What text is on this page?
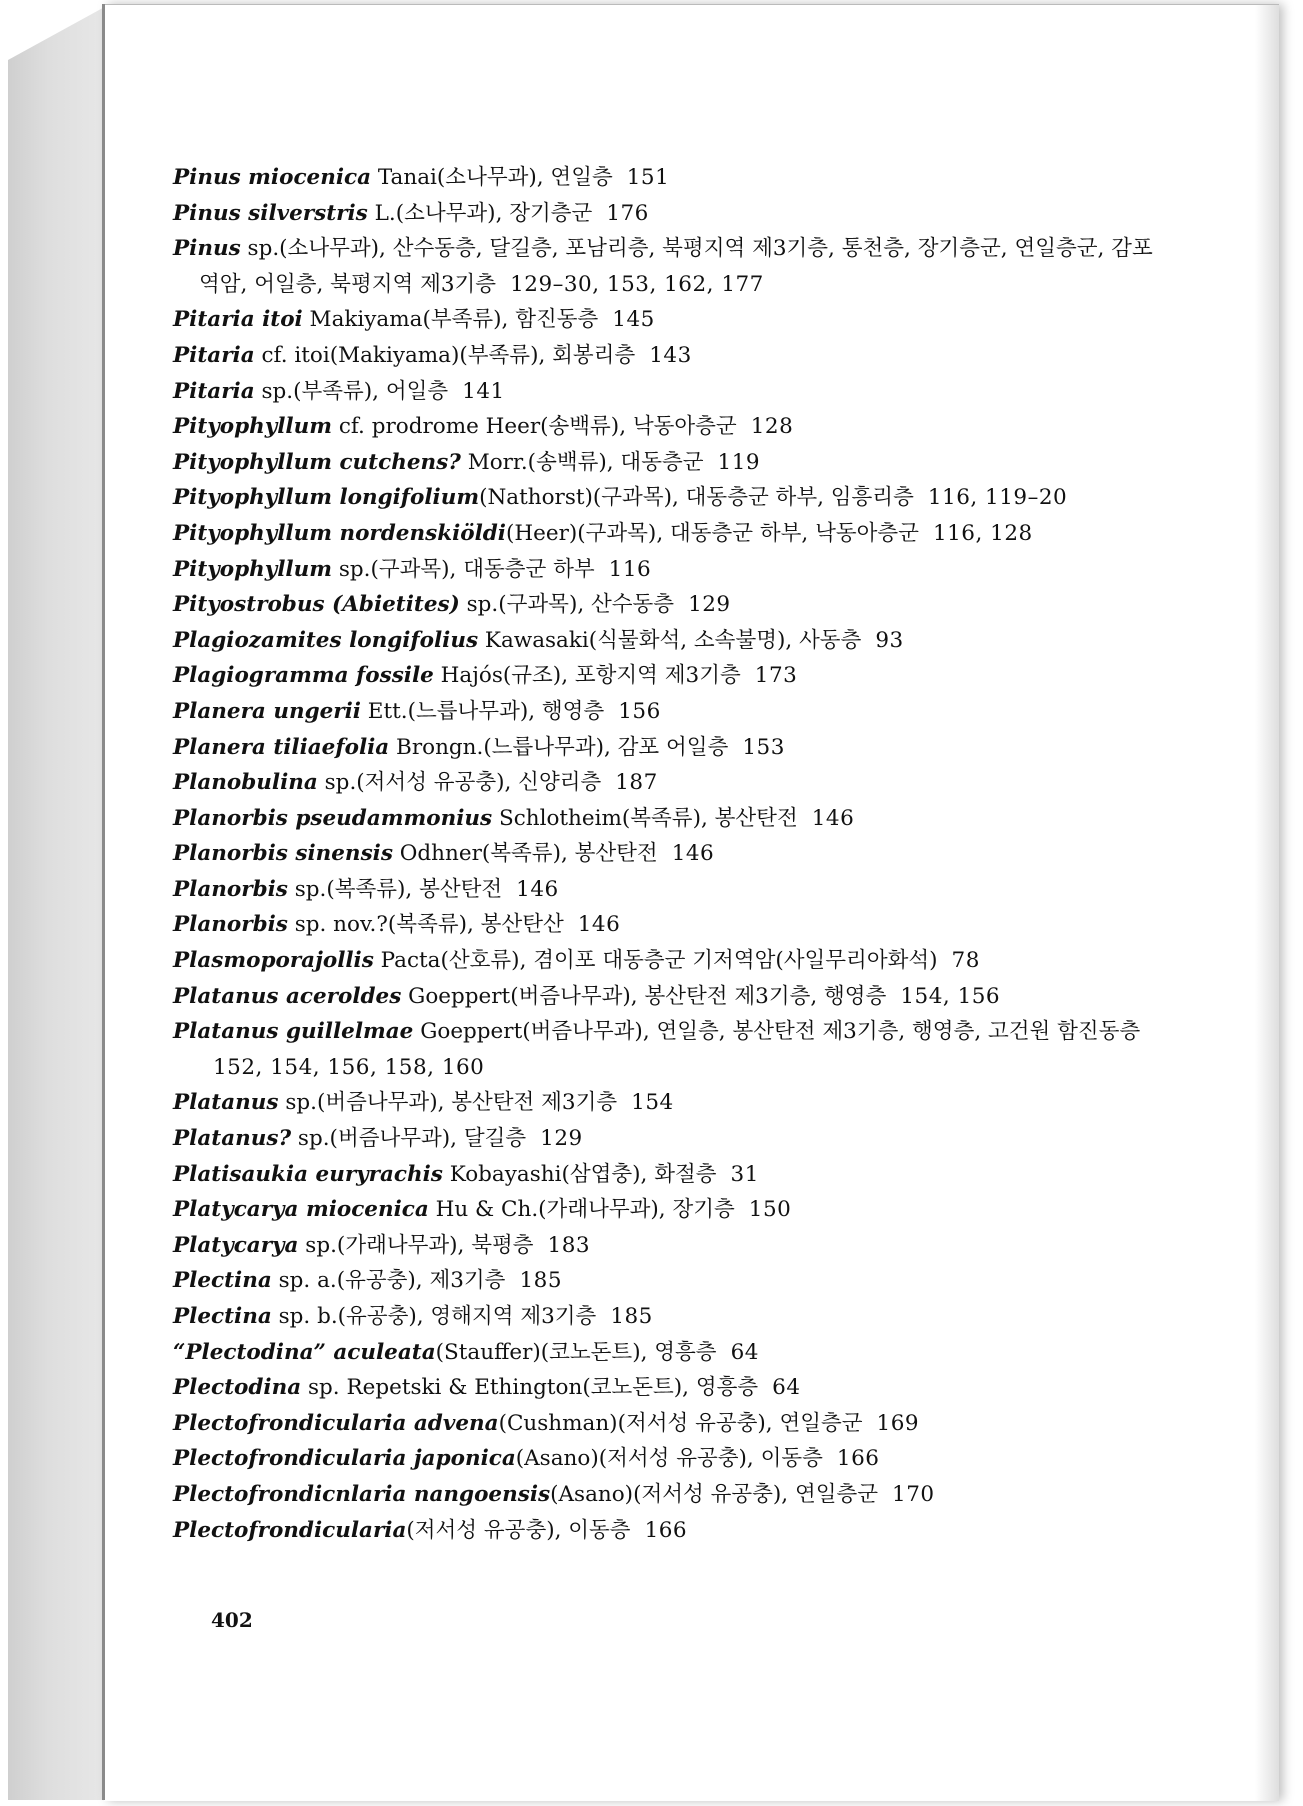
Pinus miocenica Tanai(소나무과), 연일층 151
Pinus silverstris L.(소나무과), 장기층군 176
Pinus sp.(소나무과), 산수동층, 달길층, 포남리층, 북평지역 제3기층, 통천층, 장기층군, 연일층군, 감포역암, 어일층, 북평지역 제3기층 129–30, 153, 162, 177
Pitaria itoi Makiyama(부족류), 함진동층 145
Pitaria cf. itoi(Makiyama)(부족류), 회봉리층 143
Pitaria sp.(부족류), 어일층 141
Pityophyllum cf. prodrome Heer(송백류), 낙동아층군 128
Pityophyllum cutchens? Morr.(송백류), 대동층군 119
Pityophyllum longifolium(Nathorst)(구과목), 대동층군 하부, 임흥리층 116, 119–20
Pityophyllum nordenskiöldi(Heer)(구과목), 대동층군 하부, 낙동아층군 116, 128
Pityophyllum sp.(구과목), 대동층군 하부 116
Pityostrobus (Abietites) sp.(구과목), 산수동층 129
Plagiozamites longifolius Kawasaki(식물화석, 소속불명), 사동층 93
Plagiogramma fossile Hajós(규조), 포항지역 제3기층 173
Planera ungerii Ett.(느릅나무과), 행영층 156
Planera tiliaefolia Brongn.(느릅나무과), 감포 어일층 153
Planobulina sp.(저서성 유공충), 신양리층 187
Planorbis pseudammonius Schlotheim(복족류), 봉산탄전 146
Planorbis sinensis Odhner(복족류), 봉산탄전 146
Planorbis sp.(복족류), 봉산탄전 146
Planorbis sp. nov.?(복족류), 봉산탄산 146
Plasmoporajollis Pacta(산호류), 겸이포 대동층군 기저역암(사일무리아화석) 78
Platanus aceroldes Goeppert(버즘나무과), 봉산탄전 제3기층, 행영층 154, 156
Platanus guillelmae Goeppert(버즘나무과), 연일층, 봉산탄전 제3기층, 행영층, 고건원 함진동층152, 154, 156, 158, 160
Platanus sp.(버즘나무과), 봉산탄전 제3기층 154
Platanus? sp.(버즘나무과), 달길층 129
Platisaukia euryrachis Kobayashi(삼엽충), 화절층 31
Platycarya miocenica Hu & Ch.(가래나무과), 장기층 150
Platycarya sp.(가래나무과), 북평층 183
Plectina sp. a.(유공충), 제3기층 185
Plectina sp. b.(유공충), 영해지역 제3기층 185
“Plectodina” aculeata(Stauffer)(코노돈트), 영흥층 64
Plectodina sp. Repetski & Ethington(코노돈트), 영흥층 64
Plectofrondicularia advena(Cushman)(저서성 유공충), 연일층군 169
Plectofrondicularia japonica(Asano)(저서성 유공충), 이동층 166
Plectofrondicnlaria nangoensis(Asano)(저서성 유공충), 연일층군 170
Plectofrondicularia(저서성 유공충), 이동층 166
402
